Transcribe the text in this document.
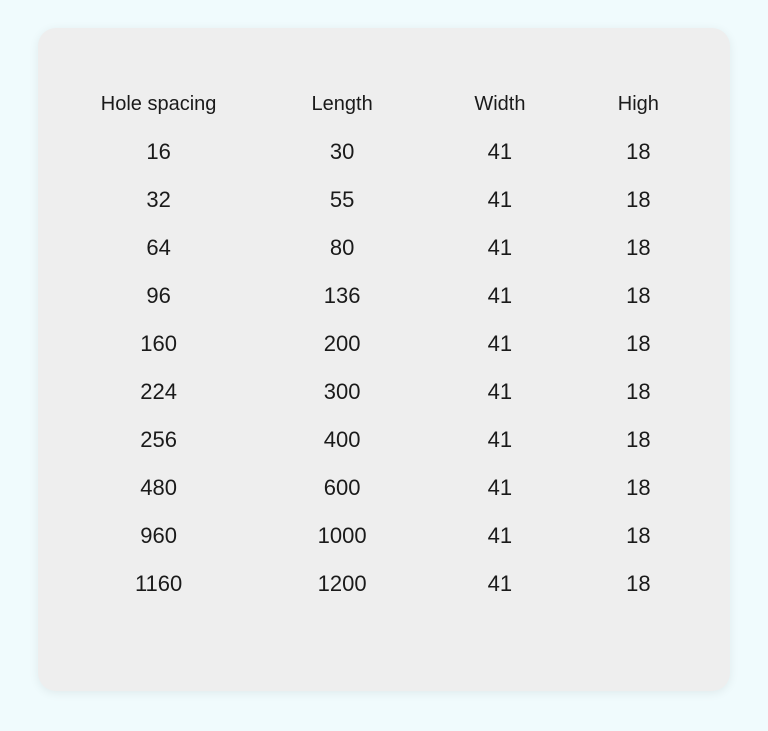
Hole spacing	Length	Width	High
16	30	41	18
32	55	41	18
64	80	41	18
96	136	41	18
160	200	41	18
224	300	41	18
256	400	41	18
480	600	41	18
960	1000	41	18
1160	1200	41	18
